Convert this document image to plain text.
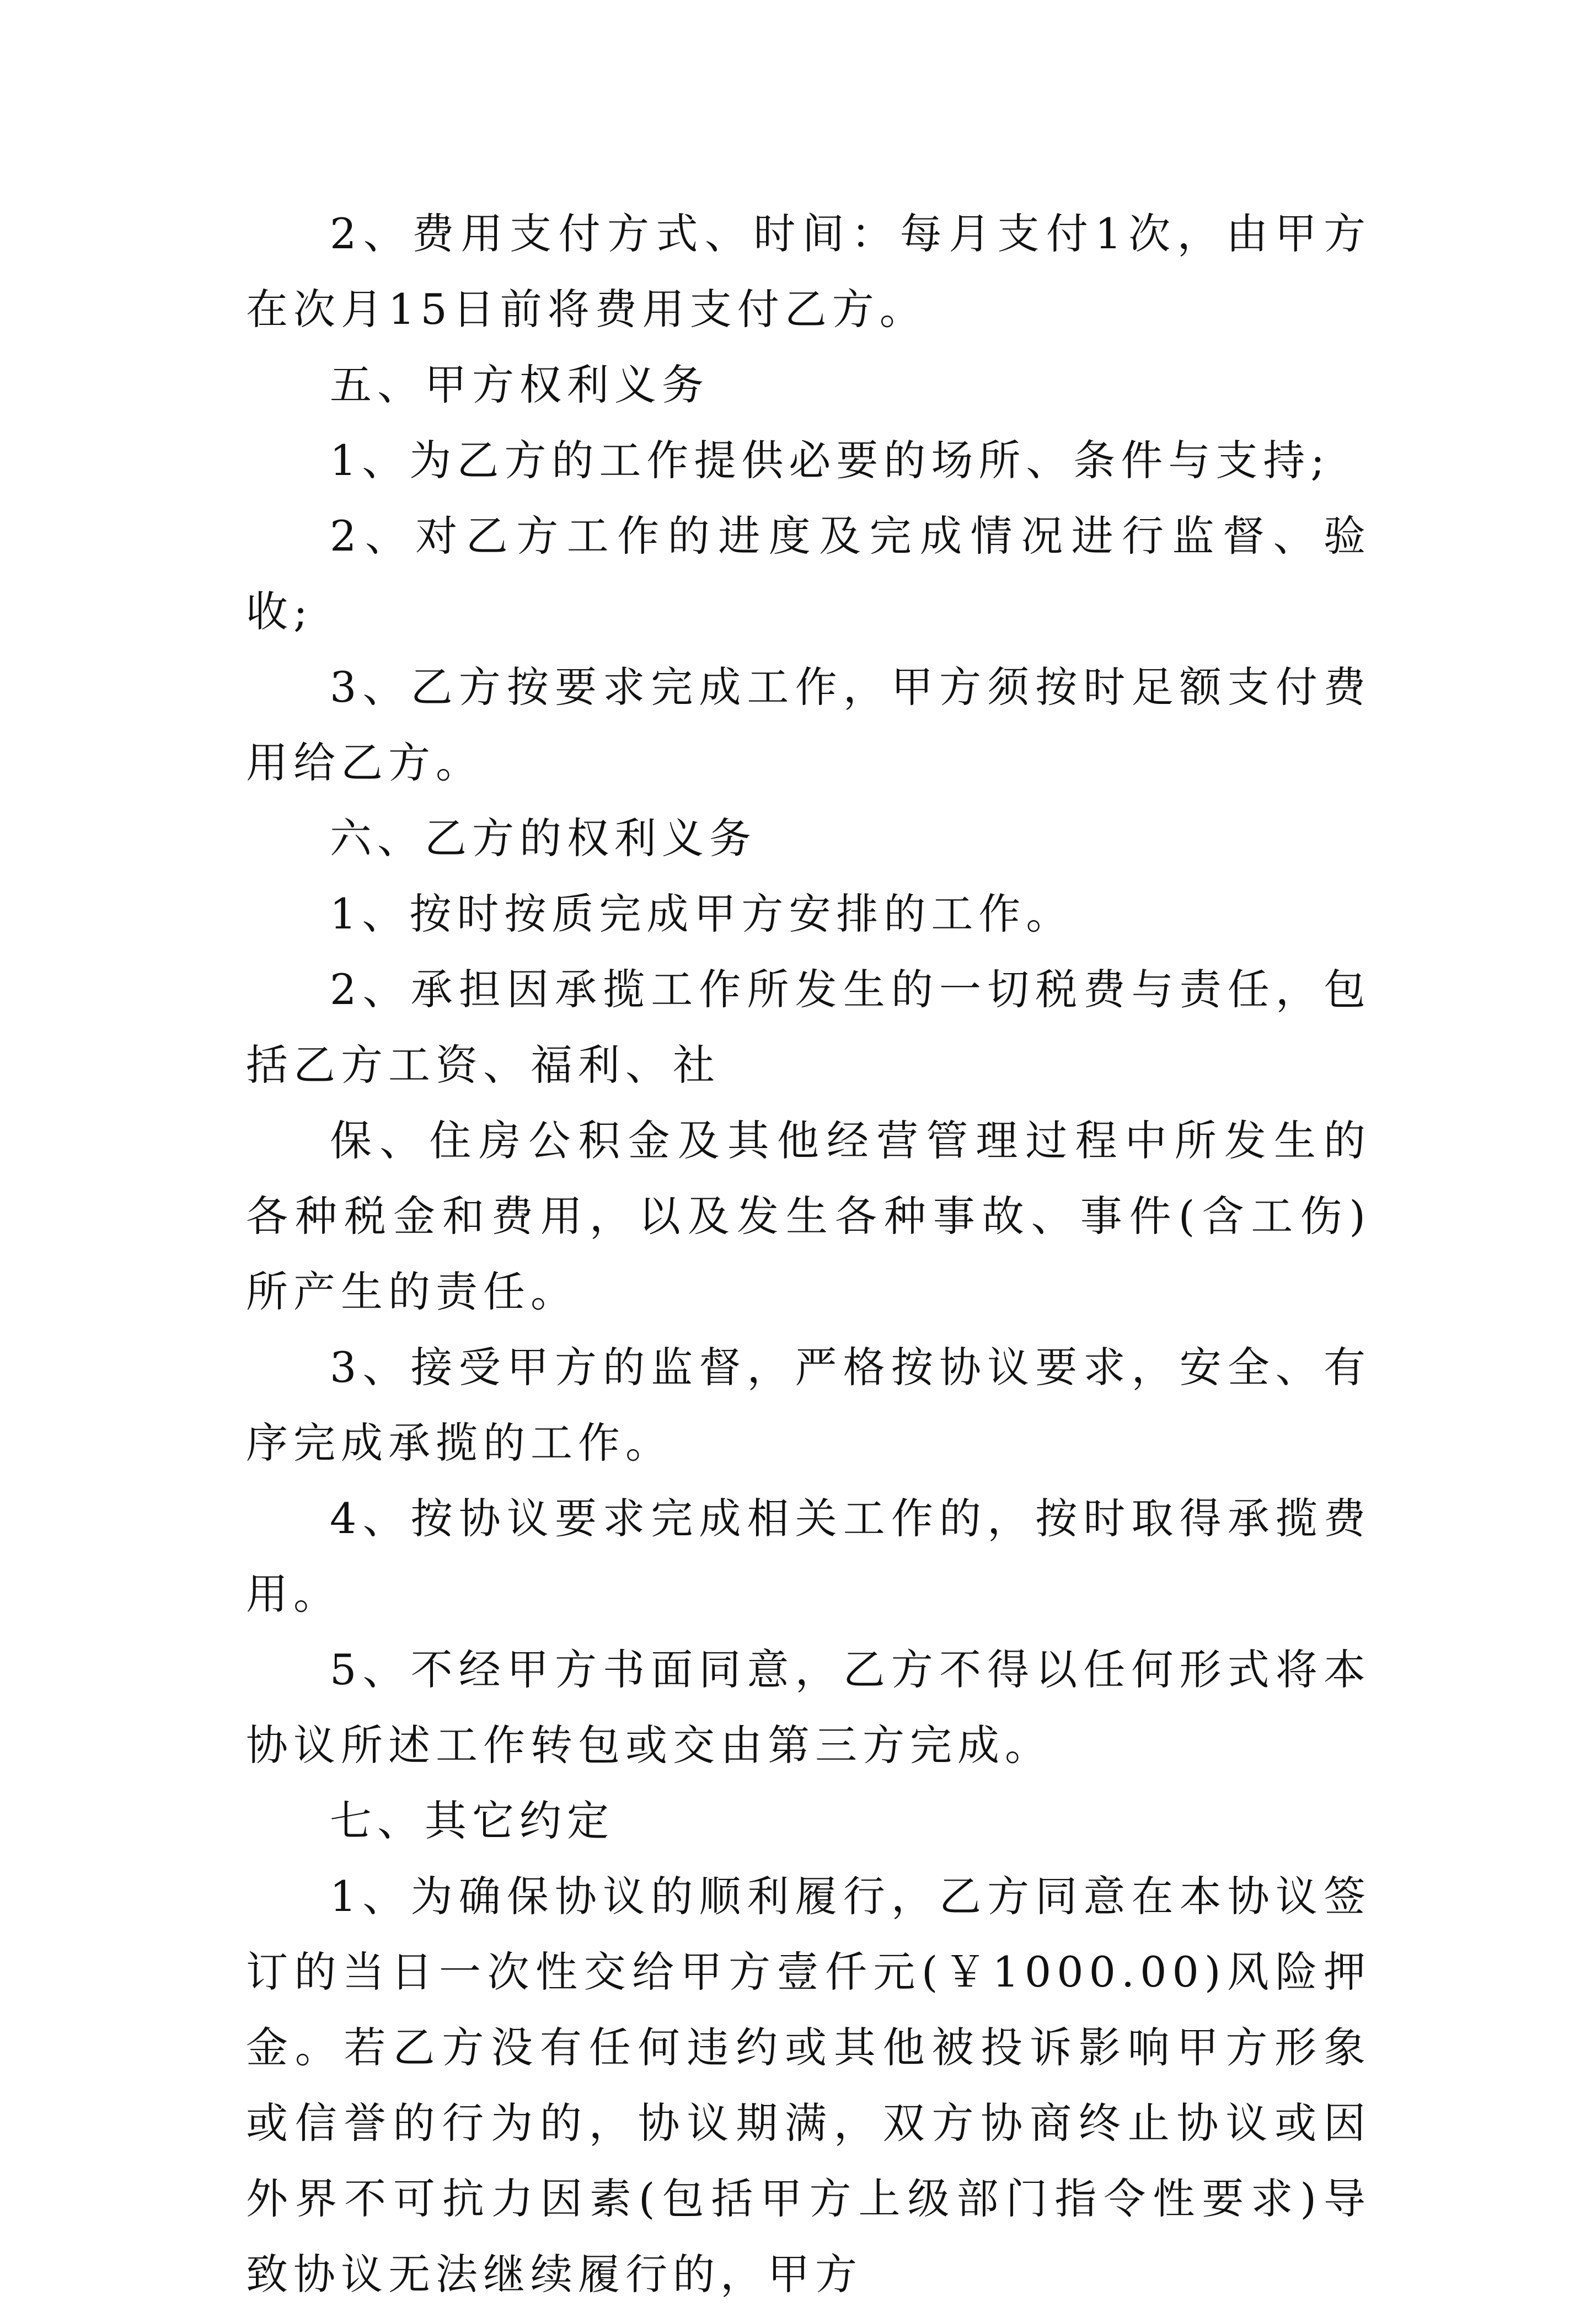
2、费用支付方式、时间：每月支付1次，由甲方在次月15日前将费用支付乙方。

五、甲方权利义务

1、为乙方的工作提供必要的场所、条件与支持;

2、对乙方工作的进度及完成情况进行监督、验收;

3、乙方按要求完成工作，甲方须按时足额支付费用给乙方。

六、乙方的权利义务

1、按时按质完成甲方安排的工作。

2、承担因承揽工作所发生的一切税费与责任，包括乙方工资、福利、社

保、住房公积金及其他经营管理过程中所发生的各种税金和费用，以及发生各种事故、事件(含工伤)所产生的责任。

3、接受甲方的监督，严格按协议要求，安全、有序完成承揽的工作。

4、按协议要求完成相关工作的，按时取得承揽费用。

5、不经甲方书面同意，乙方不得以任何形式将本协议所述工作转包或交由第三方完成。

七、其它约定

1、为确保协议的顺利履行，乙方同意在本协议签订的当日一次性交给甲方壹仟元(￥1000.00)风险押金。若乙方没有任何违约或其他被投诉影响甲方形象或信誉的行为的，协议期满，双方协商终止协议或因外界不可抗力因素(包括甲方上级部门指令性要求)导致协议无法继续履行的，甲方
